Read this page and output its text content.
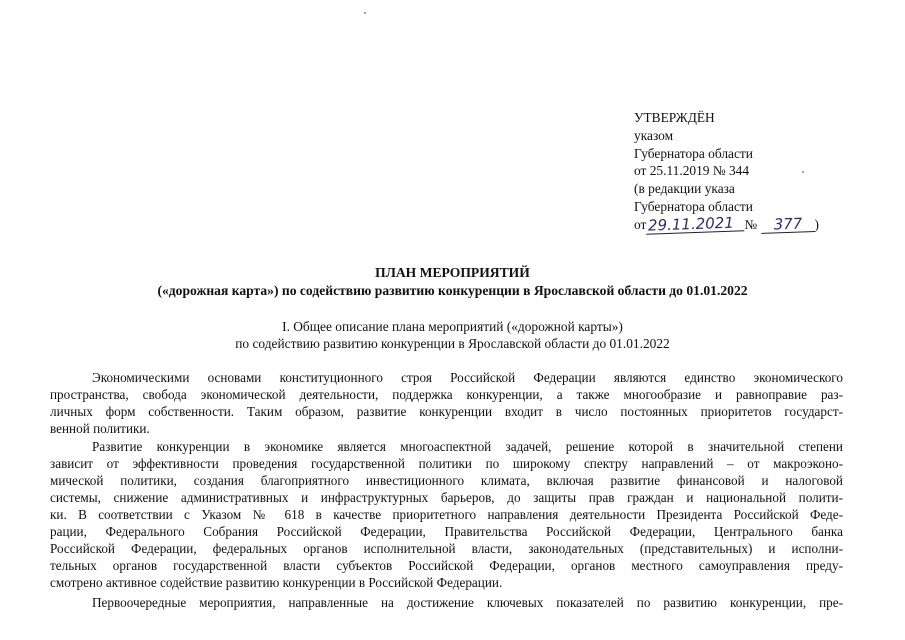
УТВЕРЖДЁН
указом
Губернатора области
от 25.11.2019 № 344
(в редакции указа
Губернатора области
от 29.11.2021 № 377 )
ПЛАН МЕРОПРИЯТИЙ
(«дорожная карта») по содействию развитию конкуренции в Ярославской области до 01.01.2022
I. Общее описание плана мероприятий («дорожной карты»)
по содействию развитию конкуренции в Ярославской области до 01.01.2022
Экономическими основами конституционного строя Российской Федерации являются единство экономического
пространства, свобода экономической деятельности, поддержка конкуренции, а также многообразие и равноправие раз-
личных форм собственности. Таким образом, развитие конкуренции входит в число постоянных приоритетов государст-
венной политики.
Развитие конкуренции в экономике является многоаспектной задачей, решение которой в значительной степени
зависит от эффективности проведения государственной политики по широкому спектру направлений – от макроэконо-
мической политики, создания благоприятного инвестиционного климата, включая развитие финансовой и налоговой
системы, снижение административных и инфраструктурных барьеров, до защиты прав граждан и национальной полити-
ки. В соответствии с Указом № 618 в качестве приоритетного направления деятельности Президента Российской Феде-
рации, Федерального Собрания Российской Федерации, Правительства Российской Федерации, Центрального банка
Российской Федерации, федеральных органов исполнительной власти, законодательных (представительных) и исполни-
тельных органов государственной власти субъектов Российской Федерации, органов местного самоуправления преду-
смотрено активное содействие развитию конкуренции в Российской Федерации.
Первоочередные мероприятия, направленные на достижение ключевых показателей по развитию конкуренции, пре-
